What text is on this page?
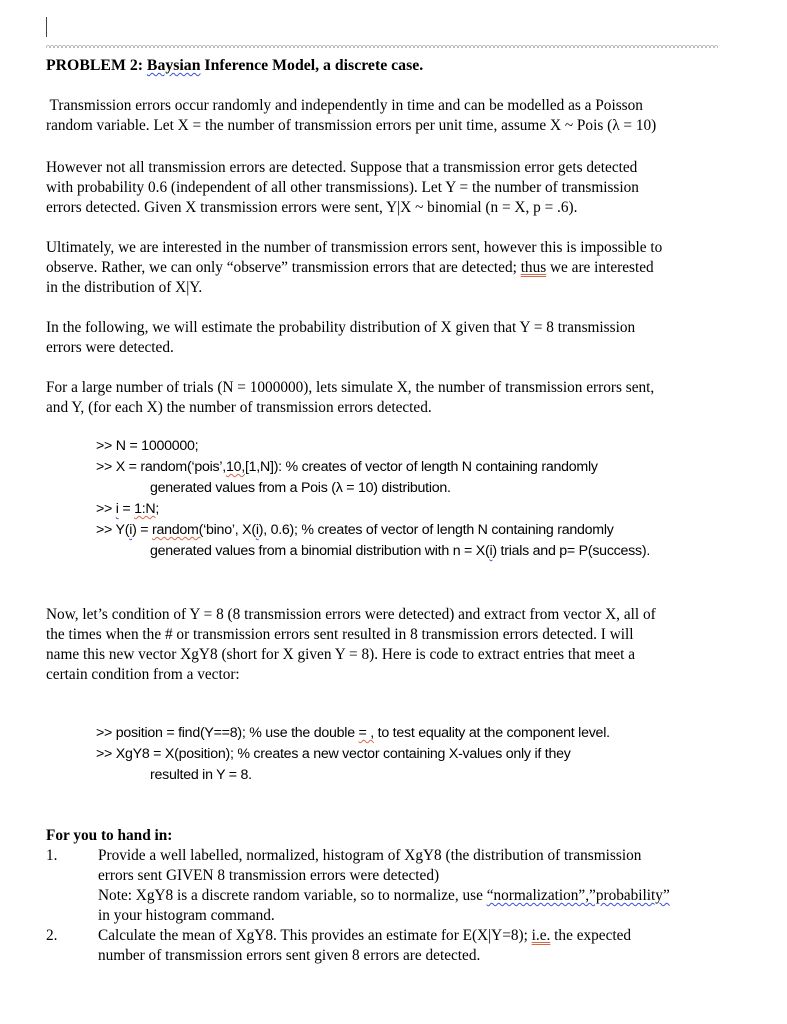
PROBLEM 2: Baysian Inference Model, a discrete case.

Transmission errors occur randomly and independently in time and can be modelled as a Poisson

random variable. Let X = the number of transmission errors per unit time, assume X ~ Pois (λ = 10)

However not all transmission errors are detected. Suppose that a transmission error gets detected

with probability 0.6 (independent of all other transmissions). Let Y = the number of transmission

errors detected. Given X transmission errors were sent, Y|X ~ binomial (n = X, p = .6).

Ultimately, we are interested in the number of transmission errors sent, however this is impossible to

observe. Rather, we can only “observe” transmission errors that are detected; thus we are interested

in the distribution of X|Y.

In the following, we will estimate the probability distribution of X given that Y = 8 transmission

errors were detected.

For a large number of trials (N = 1000000), lets simulate X, the number of transmission errors sent,

and Y, (for each X) the number of transmission errors detected.

>> N = 1000000;
>> X = random(‘pois’,10,[1,N]): % creates of vector of length N containing randomly
generated values from a Pois (λ = 10) distribution.
>> i = 1:N;
>> Y(i) = random(‘bino’, X(i), 0.6); % creates of vector of length N containing randomly
generated values from a binomial distribution with n = X(i) trials and p= P(success).

Now, let’s condition of Y = 8 (8 transmission errors were detected) and extract from vector X, all of

the times when the # or transmission errors sent resulted in 8 transmission errors detected. I will

name this new vector XgY8 (short for X given Y = 8). Here is code to extract entries that meet a

certain condition from a vector:

>> position = find(Y==8); % use the double = , to test equality at the component level.
>> XgY8 = X(position); % creates a new vector containing X-values only if they
resulted in Y = 8.
For you to hand in:
1.	Provide a well labelled, normalized, histogram of XgY8 (the distribution of transmission

errors sent GIVEN 8 transmission errors were detected)

Note: XgY8 is a discrete random variable, so to normalize, use “normalization”,”probability”

in your histogram command.

2.	Calculate the mean of XgY8. This provides an estimate for E(X|Y=8); i.e. the expected

number of transmission errors sent given 8 errors are detected.
